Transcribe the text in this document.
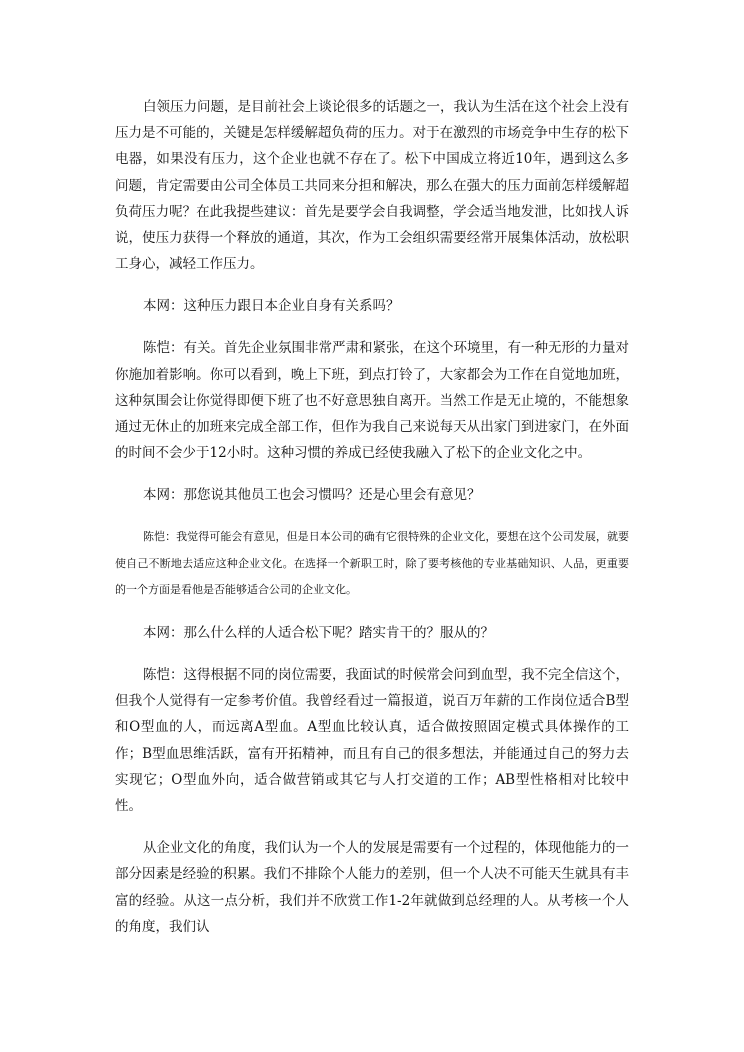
白领压力问题，是目前社会上谈论很多的话题之一，我认为生活在这个社会上没有压力是不可能的，关键是怎样缓解超负荷的压力。对于在激烈的市场竞争中生存的松下电器，如果没有压力，这个企业也就不存在了。松下中国成立将近10年，遇到这么多问题，肯定需要由公司全体员工共同来分担和解决，那么在强大的压力面前怎样缓解超负荷压力呢？在此我提些建议：首先是要学会自我调整，学会适当地发泄，比如找人诉说，使压力获得一个释放的通道，其次，作为工会组织需要经常开展集体活动，放松职工身心，减轻工作压力。

本网：这种压力跟日本企业自身有关系吗？

陈恺：有关。首先企业氛围非常严肃和紧张，在这个环境里，有一种无形的力量对你施加着影响。你可以看到，晚上下班，到点打铃了，大家都会为工作在自觉地加班，这种氛围会让你觉得即便下班了也不好意思独自离开。当然工作是无止境的，不能想象通过无休止的加班来完成全部工作，但作为我自己来说每天从出家门到进家门，在外面的时间不会少于12小时。这种习惯的养成已经使我融入了松下的企业文化之中。

本网：那您说其他员工也会习惯吗？还是心里会有意见？

陈恺：我觉得可能会有意见，但是日本公司的确有它很特殊的企业文化，要想在这个公司发展，就要使自己不断地去适应这种企业文化。在选择一个新职工时，除了要考核他的专业基础知识、人品，更重要的一个方面是看他是否能够适合公司的企业文化。

本网：那么什么样的人适合松下呢？踏实肯干的？服从的？

陈恺：这得根据不同的岗位需要，我面试的时候常会问到血型，我不完全信这个，但我个人觉得有一定参考价值。我曾经看过一篇报道，说百万年薪的工作岗位适合B型和O型血的人，而远离A型血。A型血比较认真，适合做按照固定模式具体操作的工作；B型血思维活跃，富有开拓精神，而且有自己的很多想法，并能通过自己的努力去实现它；O型血外向，适合做营销或其它与人打交道的工作；AB型性格相对比较中性。

从企业文化的角度，我们认为一个人的发展是需要有一个过程的，体现他能力的一部分因素是经验的积累。我们不排除个人能力的差别，但一个人决不可能天生就具有丰富的经验。从这一点分析，我们并不欣赏工作1-2年就做到总经理的人。从考核一个人的角度，我们认
